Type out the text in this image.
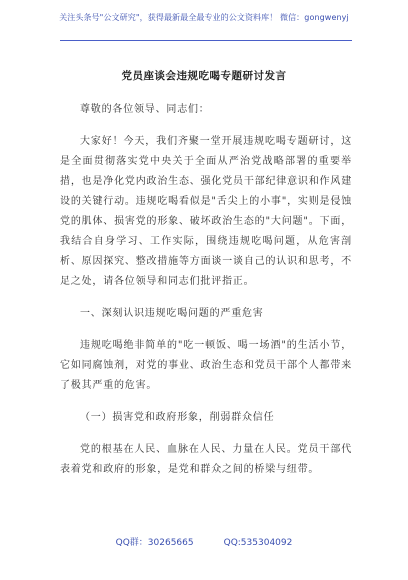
关注头条号"公文研究"，获得最新最全最专业的公文资料库！ 微信：gongwenyj
党员座谈会违规吃喝专题研讨发言

尊敬的各位领导、同志们：

大家好！今天，我们齐聚一堂开展违规吃喝专题研讨，这是全面贯彻落实党中央关于全面从严治党战略部署的重要举措，也是净化党内政治生态、强化党员干部纪律意识和作风建设的关键行动。违规吃喝看似是"舌尖上的小事"，实则是侵蚀党的肌体、损害党的形象、破坏政治生态的"大问题"。下面，我结合自身学习、工作实际，围绕违规吃喝问题，从危害剖析、原因探究、整改措施等方面谈一谈自己的认识和思考，不足之处，请各位领导和同志们批评指正。

一、深刻认识违规吃喝问题的严重危害

违规吃喝绝非简单的"吃一顿饭、喝一场酒"的生活小节，它如同腐蚀剂，对党的事业、政治生态和党员干部个人都带来了极其严重的危害。

（一）损害党和政府形象，削弱群众信任

党的根基在人民、血脉在人民、力量在人民。党员干部代表着党和政府的形象，是党和群众之间的桥梁与纽带。

QQ群：30265665	QQ:535304092
